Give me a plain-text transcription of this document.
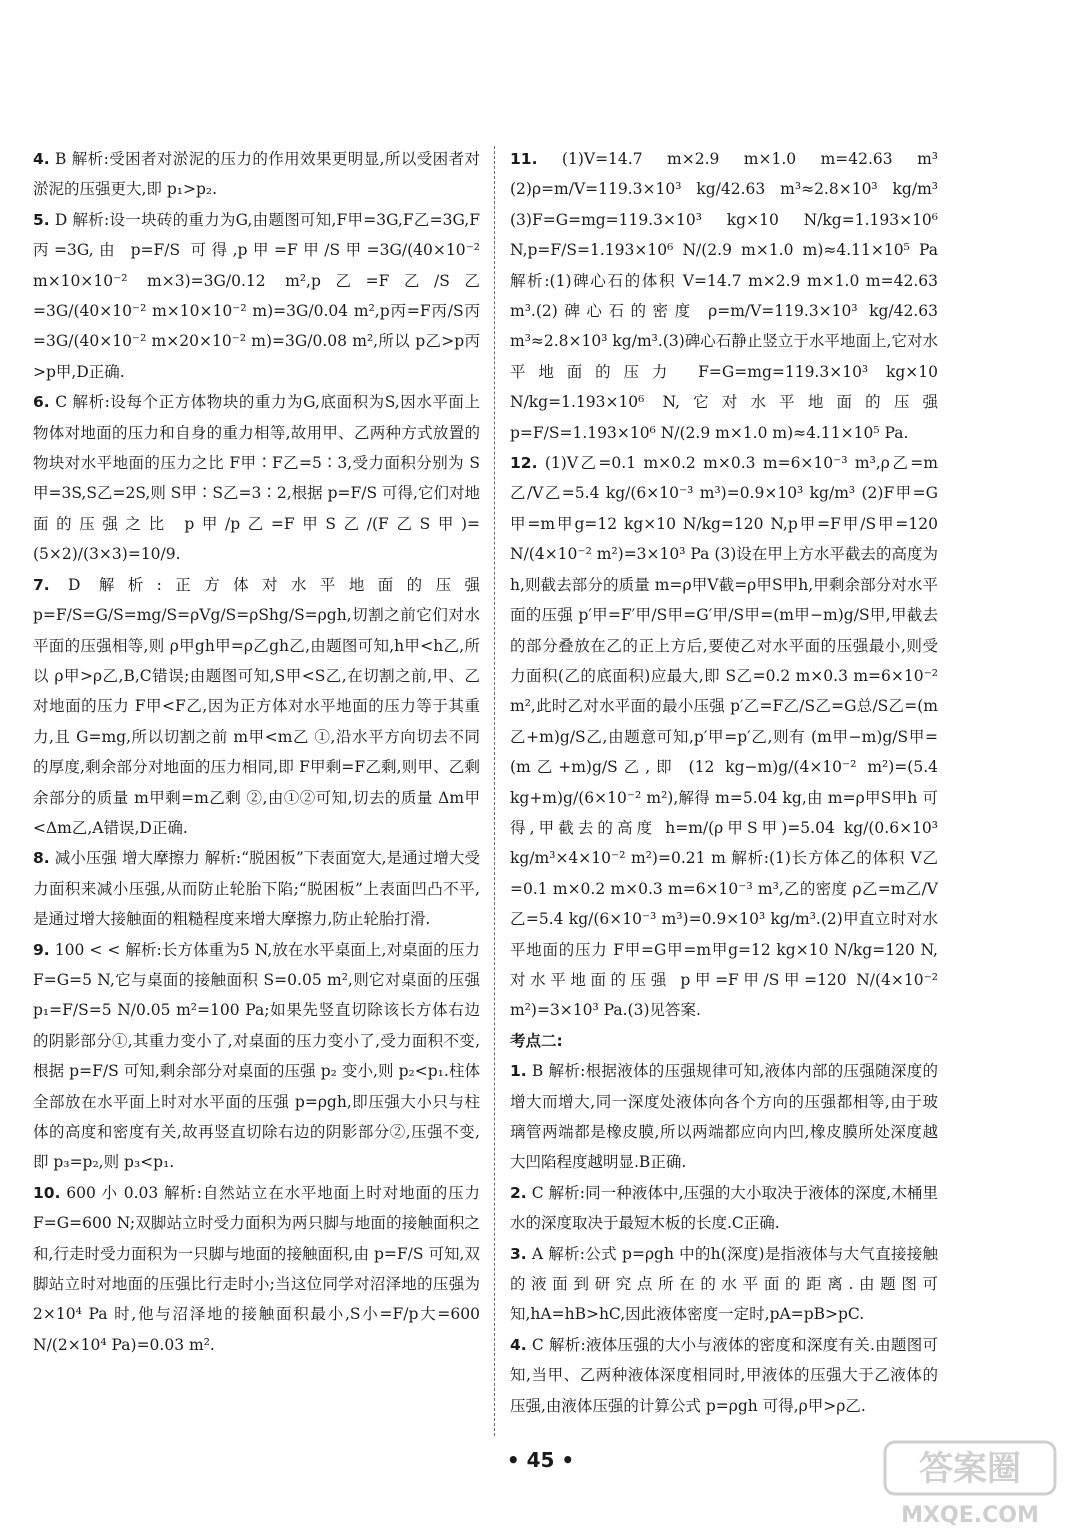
4. B 解析:受困者对淤泥的压力的作用效果更明显,所以受困者对淤泥的压强更大,即 p₁>p₂.

5. D 解析:设一块砖的重力为G,由题图可知,F甲=3G,F乙=3G,F丙=3G,由 p=F/S 可得,p甲=F甲/S甲=3G/(40×10⁻² m×10×10⁻² m×3)=3G/0.12 m²,p乙=F乙/S乙=3G/(40×10⁻² m×10×10⁻² m)=3G/0.04 m²,p丙=F丙/S丙=3G/(40×10⁻² m×20×10⁻² m)=3G/0.08 m²,所以 p乙>p丙>p甲,D正确.

6. C 解析:设每个正方体物块的重力为G,底面积为S,因水平面上物体对地面的压力和自身的重力相等,故用甲、乙两种方式放置的物块对水平地面的压力之比 F甲∶F乙=5∶3,受力面积分别为 S甲=3S,S乙=2S,则 S甲∶S乙=3∶2,根据 p=F/S 可得,它们对地面的压强之比 p甲/p乙=F甲S乙/(F乙S甲)=(5×2)/(3×3)=10/9.

7. D 解析:正方体对水平地面的压强 p=F/S=G/S=mg/S=ρVg/S=ρShg/S=ρgh,切割之前它们对水平面的压强相等,则 ρ甲gh甲=ρ乙gh乙,由题图可知,h甲<h乙,所以 ρ甲>ρ乙,B,C错误;由题图可知,S甲<S乙,在切割之前,甲、乙对地面的压力 F甲<F乙,因为正方体对水平地面的压力等于其重力,且 G=mg,所以切割之前 m甲<m乙 ①,沿水平方向切去不同的厚度,剩余部分对地面的压力相同,即 F甲剩=F乙剩,则甲、乙剩余部分的质量 m甲剩=m乙剩 ②,由①②可知,切去的质量 Δm甲<Δm乙,A错误,D正确.

8. 减小压强 增大摩擦力 解析:“脱困板”下表面宽大,是通过增大受力面积来减小压强,从而防止轮胎下陷;“脱困板”上表面凹凸不平,是通过增大接触面的粗糙程度来增大摩擦力,防止轮胎打滑.

9. 100 < < 解析:长方体重为5 N,放在水平桌面上,对桌面的压力 F=G=5 N,它与桌面的接触面积 S=0.05 m²,则它对桌面的压强 p₁=F/S=5 N/0.05 m²=100 Pa;如果先竖直切除该长方体右边的阴影部分①,其重力变小了,对桌面的压力变小了,受力面积不变,根据 p=F/S 可知,剩余部分对桌面的压强 p₂ 变小,则 p₂<p₁.柱体全部放在水平面上时对水平面的压强 p=ρgh,即压强大小只与柱体的高度和密度有关,故再竖直切除右边的阴影部分②,压强不变,即 p₃=p₂,则 p₃<p₁.

10. 600 小 0.03 解析:自然站立在水平地面上时对地面的压力 F=G=600 N;双脚站立时受力面积为两只脚与地面的接触面积之和,行走时受力面积为一只脚与地面的接触面积,由 p=F/S 可知,双脚站立时对地面的压强比行走时小;当这位同学对沼泽地的压强为 2×10⁴ Pa 时,他与沼泽地的接触面积最小,S小=F/p大=600 N/(2×10⁴ Pa)=0.03 m².

11. (1)V=14.7 m×2.9 m×1.0 m=42.63 m³ (2)ρ=m/V=119.3×10³ kg/42.63 m³≈2.8×10³ kg/m³ (3)F=G=mg=119.3×10³ kg×10 N/kg=1.193×10⁶ N,p=F/S=1.193×10⁶ N/(2.9 m×1.0 m)≈4.11×10⁵ Pa 解析:(1)碑心石的体积 V=14.7 m×2.9 m×1.0 m=42.63 m³.(2)碑心石的密度 ρ=m/V=119.3×10³ kg/42.63 m³≈2.8×10³ kg/m³.(3)碑心石静止竖立于水平地面上,它对水平地面的压力 F=G=mg=119.3×10³ kg×10 N/kg=1.193×10⁶ N,它对水平地面的压强 p=F/S=1.193×10⁶ N/(2.9 m×1.0 m)≈4.11×10⁵ Pa.

12. (1)V乙=0.1 m×0.2 m×0.3 m=6×10⁻³ m³,ρ乙=m乙/V乙=5.4 kg/(6×10⁻³ m³)=0.9×10³ kg/m³ (2)F甲=G甲=m甲g=12 kg×10 N/kg=120 N,p甲=F甲/S甲=120 N/(4×10⁻² m²)=3×10³ Pa (3)设在甲上方水平截去的高度为h,则截去部分的质量 m=ρ甲V截=ρ甲S甲h,甲剩余部分对水平面的压强 p′甲=F′甲/S甲=G′甲/S甲=(m甲−m)g/S甲,甲截去的部分叠放在乙的正上方后,要使乙对水平面的压强最小,则受力面积(乙的底面积)应最大,即 S乙=0.2 m×0.3 m=6×10⁻² m²,此时乙对水平面的最小压强 p′乙=F乙/S乙=G总/S乙=(m乙+m)g/S乙,由题意可知,p′甲=p′乙,则有 (m甲−m)g/S甲=(m乙+m)g/S乙,即 (12 kg−m)g/(4×10⁻² m²)=(5.4 kg+m)g/(6×10⁻² m²),解得 m=5.04 kg,由 m=ρ甲S甲h 可得,甲截去的高度 h=m/(ρ甲S甲)=5.04 kg/(0.6×10³ kg/m³×4×10⁻² m²)=0.21 m 解析:(1)长方体乙的体积 V乙=0.1 m×0.2 m×0.3 m=6×10⁻³ m³,乙的密度 ρ乙=m乙/V乙=5.4 kg/(6×10⁻³ m³)=0.9×10³ kg/m³.(2)甲直立时对水平地面的压力 F甲=G甲=m甲g=12 kg×10 N/kg=120 N,对水平地面的压强 p甲=F甲/S甲=120 N/(4×10⁻² m²)=3×10³ Pa.(3)见答案.

考点二:

1. B 解析:根据液体的压强规律可知,液体内部的压强随深度的增大而增大,同一深度处液体向各个方向的压强都相等,由于玻璃管两端都是橡皮膜,所以两端都应向内凹,橡皮膜所处深度越大凹陷程度越明显.B正确.

2. C 解析:同一种液体中,压强的大小取决于液体的深度,木桶里水的深度取决于最短木板的长度.C正确.

3. A 解析:公式 p=ρgh 中的h(深度)是指液体与大气直接接触的液面到研究点所在的水平面的距离.由题图可知,hA=hB>hC,因此液体密度一定时,pA=pB>pC.

4. C 解析:液体压强的大小与液体的密度和深度有关.由题图可知,当甲、乙两种液体深度相同时,甲液体的压强大于乙液体的压强,由液体压强的计算公式 p=ρgh 可得,ρ甲>ρ乙.

• 45 •	答案圈
MXQE.COM
